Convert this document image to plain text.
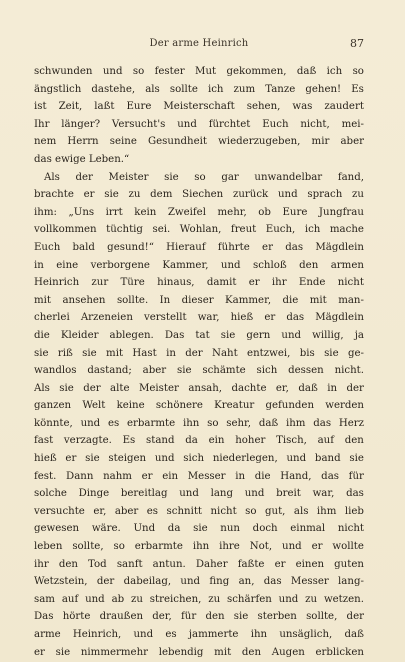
Der arme Heinrich	87
schwunden und so fester Mut gekommen, daß ich so
ängstlich dastehe, als sollte ich zum Tanze gehen! Es
ist Zeit, laßt Eure Meisterschaft sehen, was zaudert
Ihr länger? Versucht's und fürchtet Euch nicht, mei-
nem Herrn seine Gesundheit wiederzugeben, mir aber
das ewige Leben.“
Als der Meister sie so gar unwandelbar fand,
brachte er sie zu dem Siechen zurück und sprach zu
ihm: „Uns irrt kein Zweifel mehr, ob Eure Jungfrau
vollkommen tüchtig sei. Wohlan, freut Euch, ich mache
Euch bald gesund!“ Hierauf führte er das Mägdlein
in eine verborgene Kammer, und schloß den armen
Heinrich zur Türe hinaus, damit er ihr Ende nicht
mit ansehen sollte. In dieser Kammer, die mit man-
cherlei Arzeneien verstellt war, hieß er das Mägdlein
die Kleider ablegen. Das tat sie gern und willig, ja
sie riß sie mit Hast in der Naht entzwei, bis sie ge-
wandlos dastand; aber sie schämte sich dessen nicht.
Als sie der alte Meister ansah, dachte er, daß in der
ganzen Welt keine schönere Kreatur gefunden werden
könnte, und es erbarmte ihn so sehr, daß ihm das Herz
fast verzagte. Es stand da ein hoher Tisch, auf den
hieß er sie steigen und sich niederlegen, und band sie
fest. Dann nahm er ein Messer in die Hand, das für
solche Dinge bereitlag und lang und breit war, das
versuchte er, aber es schnitt nicht so gut, als ihm lieb
gewesen wäre. Und da sie nun doch einmal nicht
leben sollte, so erbarmte ihn ihre Not, und er wollte
ihr den Tod sanft antun. Daher faßte er einen guten
Wetzstein, der dabeilag, und fing an, das Messer lang-
sam auf und ab zu streichen, zu schärfen und zu wetzen.
Das hörte draußen der, für den sie sterben sollte, der
arme Heinrich, und es jammerte ihn unsäglich, daß
er sie nimmermehr lebendig mit den Augen erblicken
